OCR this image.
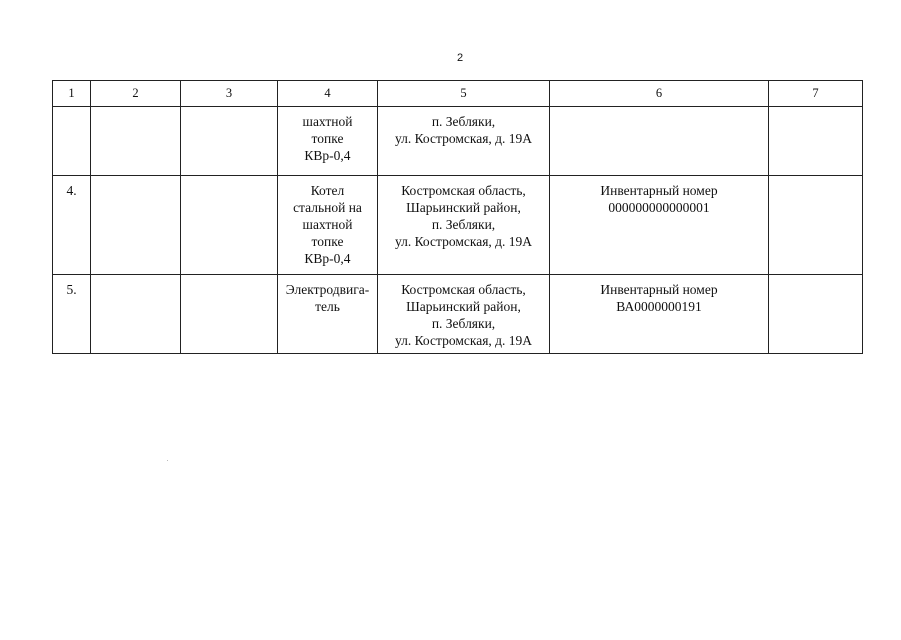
2
1	2	3	4	5	6	7

			шахтной
топке
КВр-0,4	п. Зебляки,
ул. Костромская, д. 19А		

4.			Котел
стальной на
шахтной
топке
КВр-0,4	Костромская область,
Шарьинский район,
п. Зебляки,
ул. Костромская, д. 19А	Инвентарный номер
000000000000001	

5.			Электродвига-
тель	Костромская область,
Шарьинский район,
п. Зебляки,
ул. Костромская, д. 19А	Инвентарный номер
ВА0000000191	
